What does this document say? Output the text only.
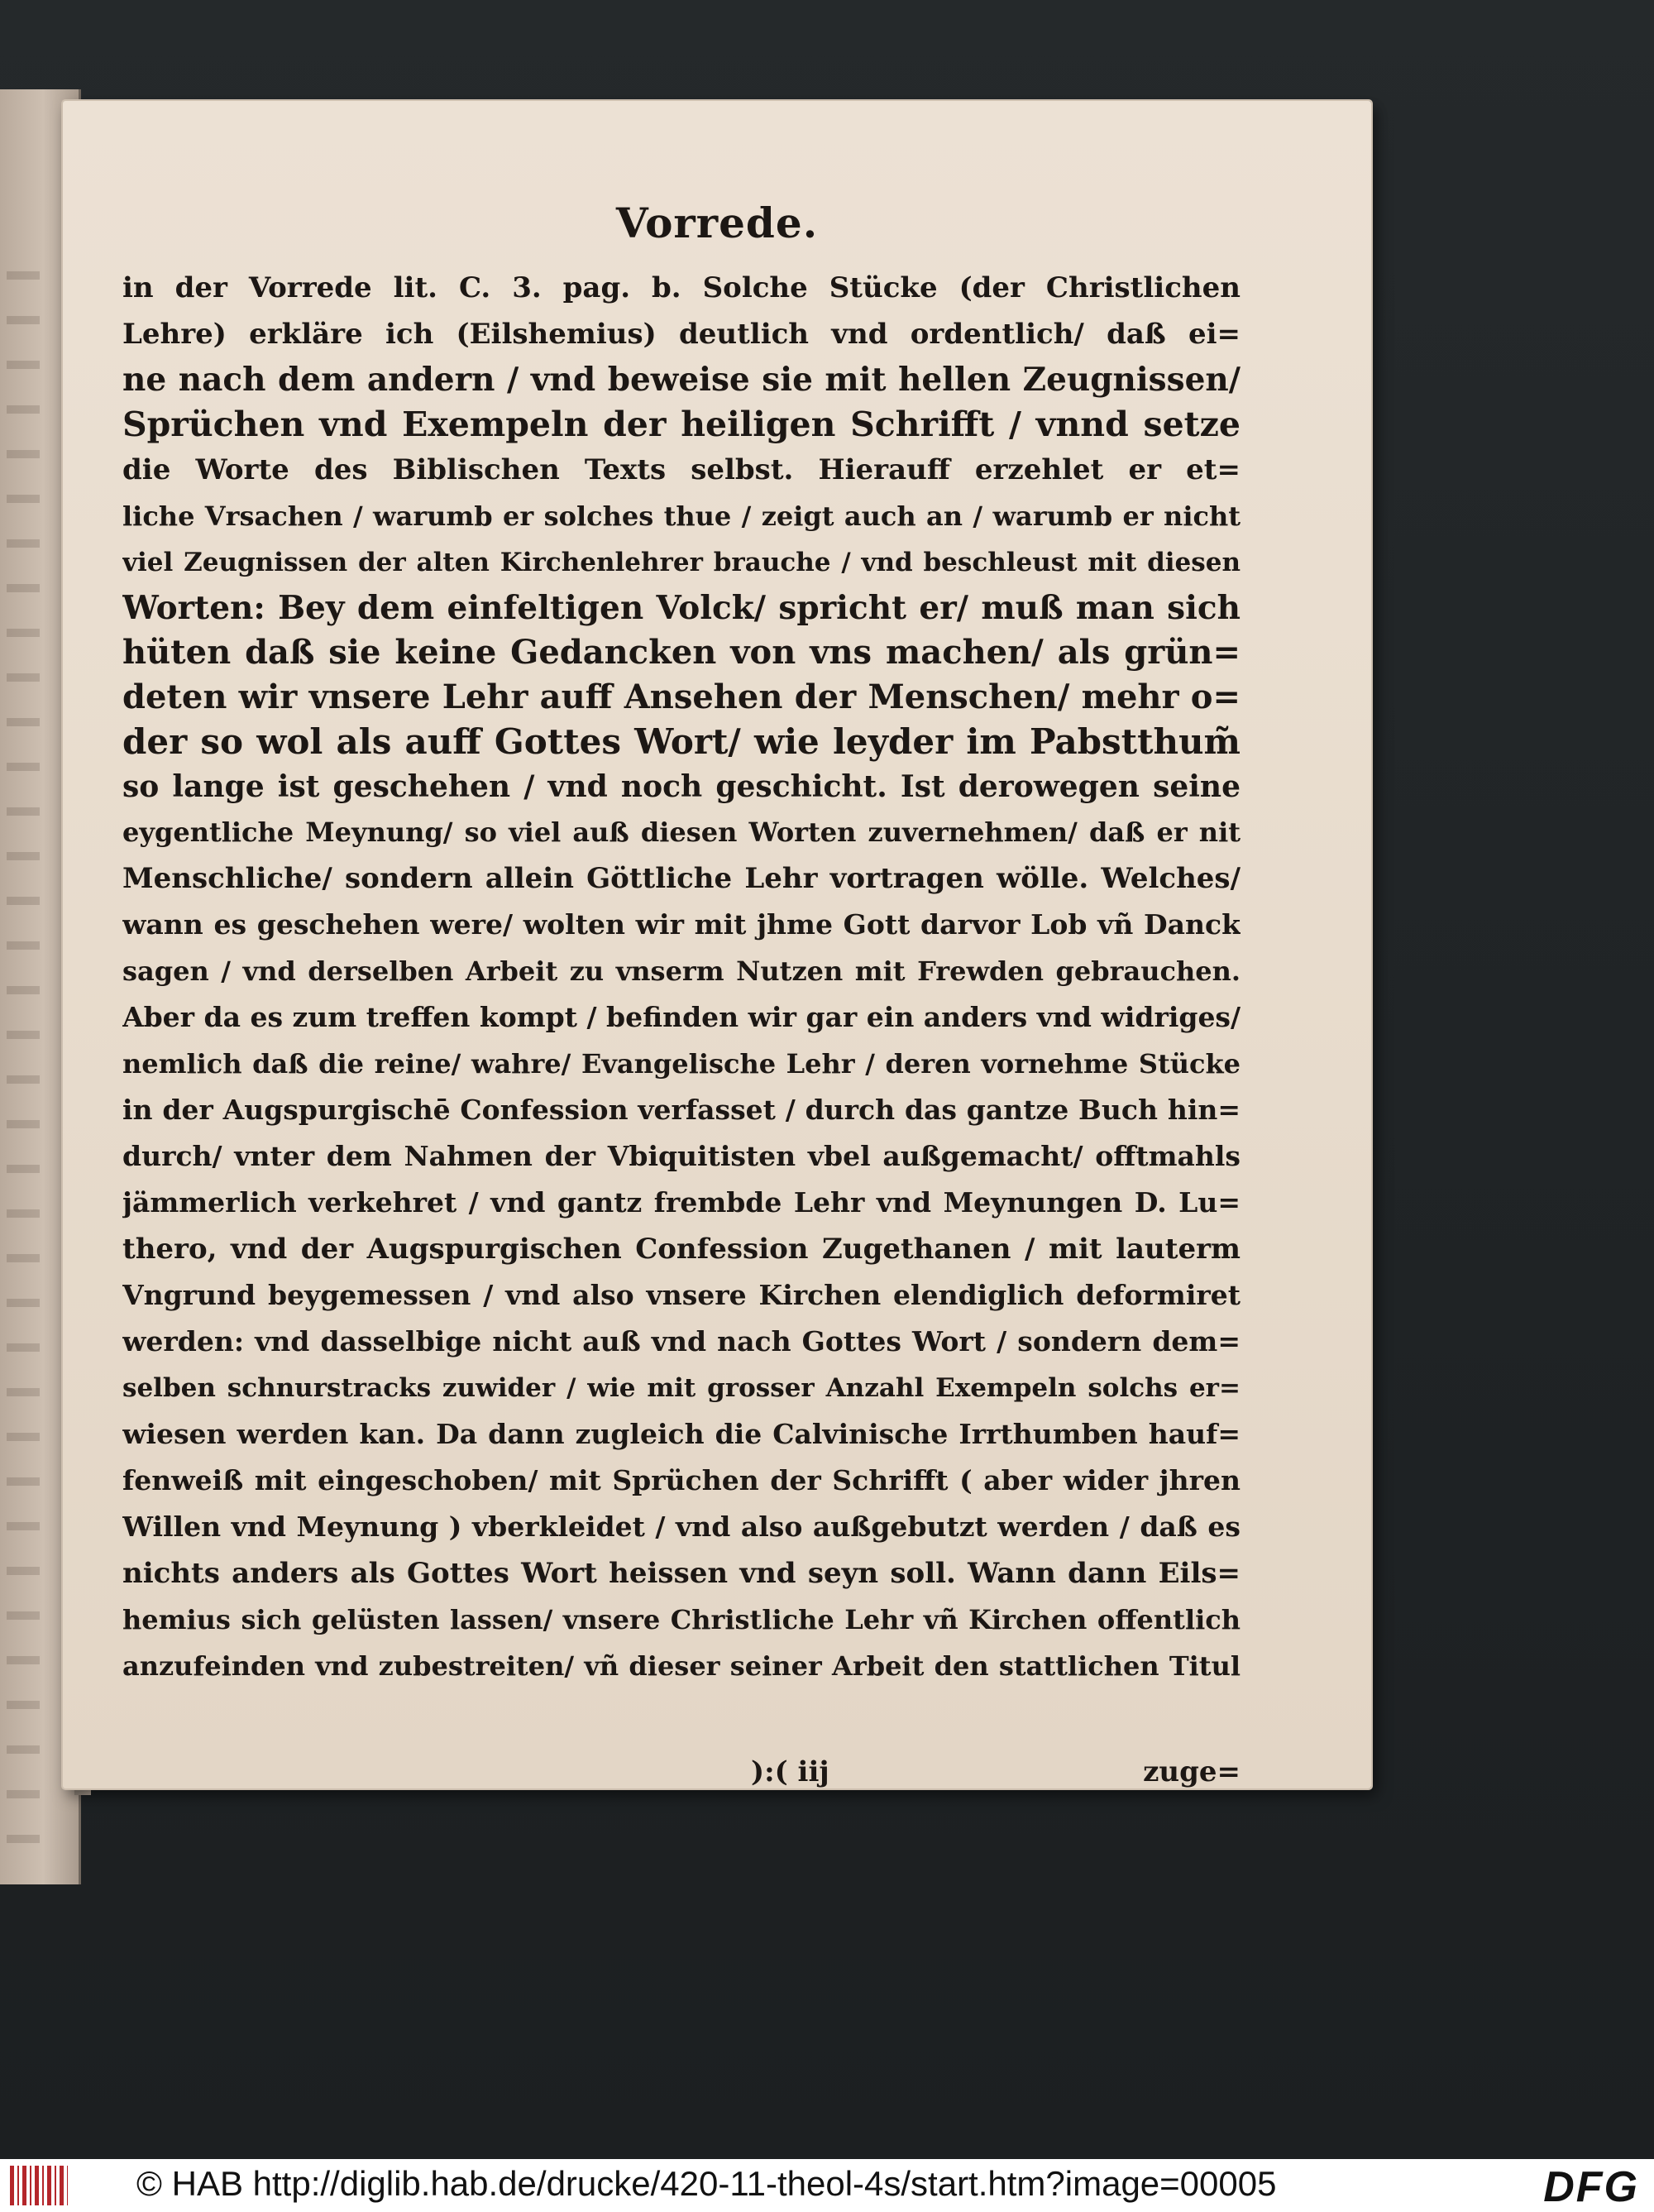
Vorrede.
in der Vorrede lit. C. 3. pag. b. Solche Stücke (der Christlichen
Lehre) erkläre ich (Eilshemius) deutlich vnd ordentlich/ daß ei=
ne nach dem andern / vnd beweise sie mit hellen Zeugnissen/
Sprüchen vnd Exempeln der heiligen Schrifft / vnnd setze
die Worte des Biblischen Texts selbst. Hierauff erzehlet er et=
liche Vrsachen / warumb er solches thue / zeigt auch an / warumb er nicht
viel Zeugnissen der alten Kirchenlehrer brauche / vnd beschleust mit diesen
Worten: Bey dem einfeltigen Volck/ spricht er/ muß man sich
hüten daß sie keine Gedancken von vns machen/ als grün=
deten wir vnsere Lehr auff Ansehen der Menschen/ mehr o=
der so wol als auff Gottes Wort/ wie leyder im Pabstthum̃
so lange ist geschehen / vnd noch geschicht. Ist derowegen seine
eygentliche Meynung/ so viel auß diesen Worten zuvernehmen/ daß er nit
Menschliche/ sondern allein Göttliche Lehr vortragen wölle. Welches/
wann es geschehen were/ wolten wir mit jhme Gott darvor Lob vñ Danck
sagen / vnd derselben Arbeit zu vnserm Nutzen mit Frewden gebrauchen.
Aber da es zum treffen kompt / befinden wir gar ein anders vnd widriges/
nemlich daß die reine/ wahre/ Evangelische Lehr / deren vornehme Stücke
in der Augspurgischē Confession verfasset / durch das gantze Buch hin=
durch/ vnter dem Nahmen der Vbiquitisten vbel außgemacht/ offtmahls
jämmerlich verkehret / vnd gantz frembde Lehr vnd Meynungen D. Lu=
thero, vnd der Augspurgischen Confession Zugethanen / mit lauterm
Vngrund beygemessen / vnd also vnsere Kirchen elendiglich deformiret
werden: vnd dasselbige nicht auß vnd nach Gottes Wort / sondern dem=
selben schnurstracks zuwider / wie mit grosser Anzahl Exempeln solchs er=
wiesen werden kan. Da dann zugleich die Calvinische Irrthumben hauf=
fenweiß mit eingeschoben/ mit Sprüchen der Schrifft ( aber wider jhren
Willen vnd Meynung ) vberkleidet / vnd also außgebutzt werden / daß es
nichts anders als Gottes Wort heissen vnd seyn soll. Wann dann Eils=
hemius sich gelüsten lassen/ vnsere Christliche Lehr vñ Kirchen offentlich
anzufeinden vnd zubestreiten/ vñ dieser seiner Arbeit den stattlichen Titul
):( iij	zuge=
© HAB http://diglib.hab.de/drucke/420-11-theol-4s/start.htm?image=00005	DFG
